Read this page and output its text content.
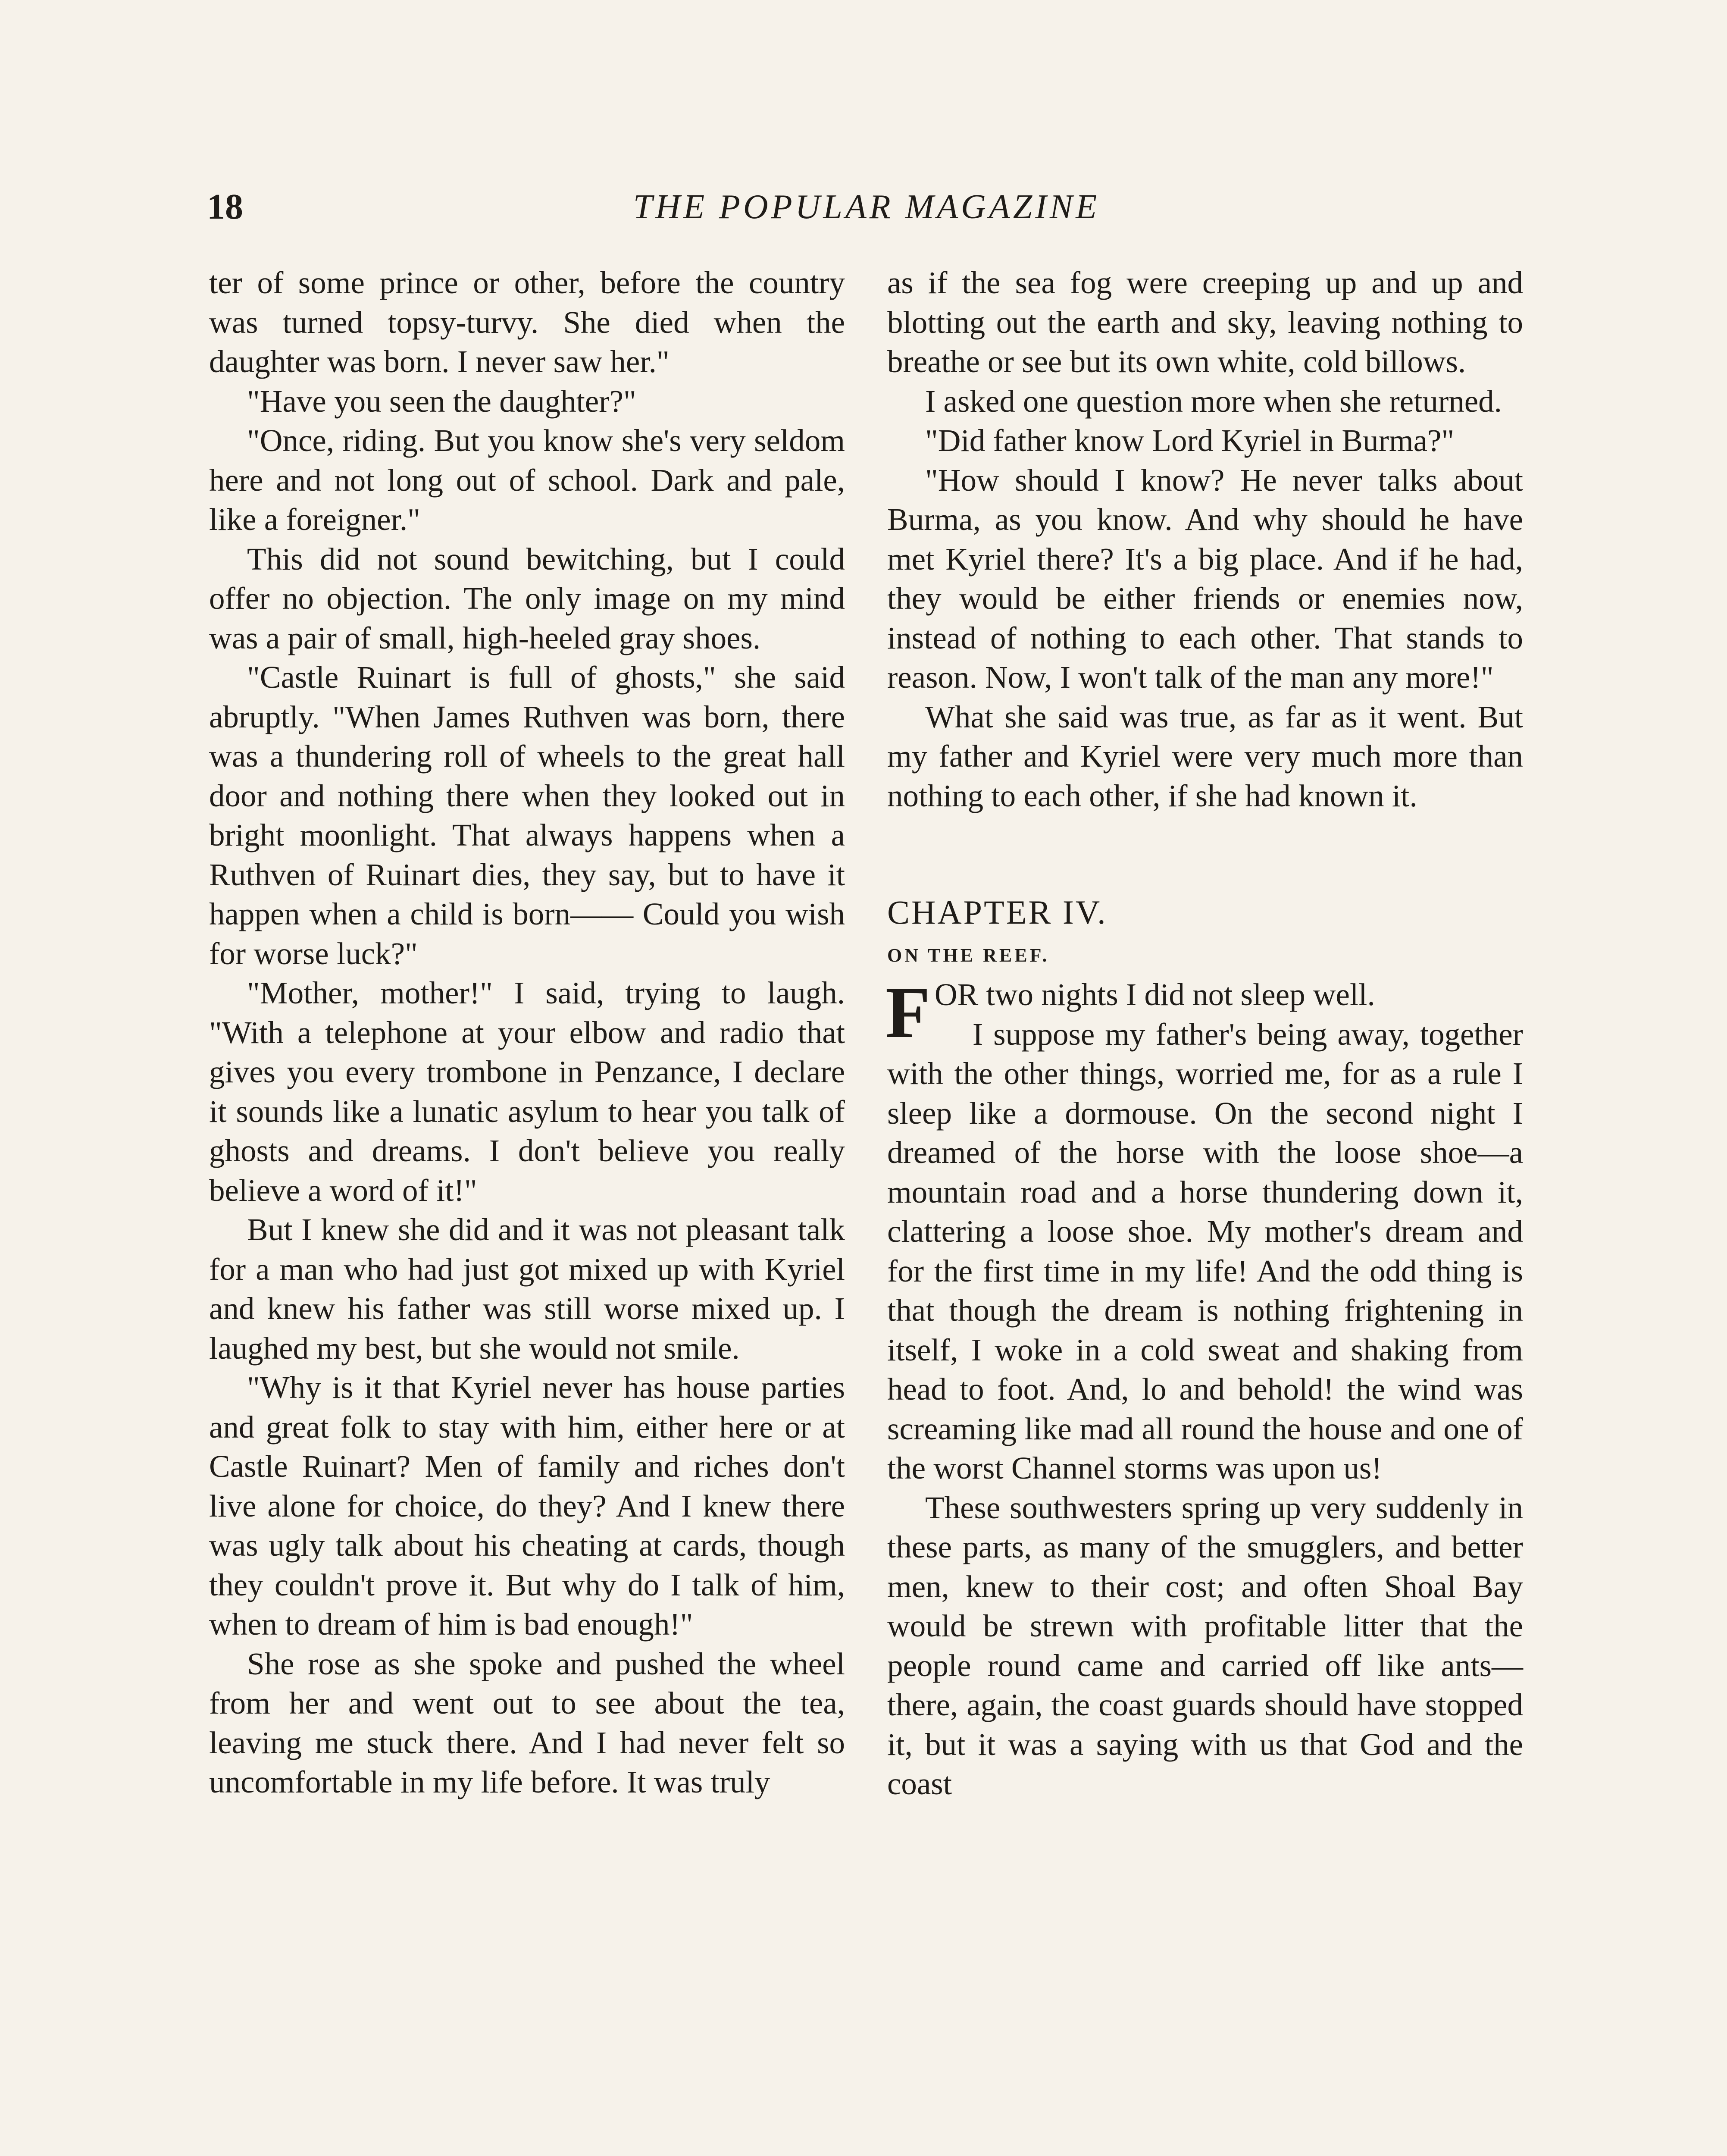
18	THE POPULAR MAGAZINE

ter of some prince or other, before the country was turned topsy-turvy. She died when the daughter was born. I never saw her."

"Have you seen the daughter?"

"Once, riding. But you know she's very seldom here and not long out of school. Dark and pale, like a foreigner."

This did not sound bewitching, but I could offer no objection. The only image on my mind was a pair of small, high-heeled gray shoes.

"Castle Ruinart is full of ghosts," she said abruptly. "When James Ruthven was born, there was a thundering roll of wheels to the great hall door and nothing there when they looked out in bright moonlight. That always happens when a Ruthven of Ruinart dies, they say, but to have it happen when a child is born—— Could you wish for worse luck?"

"Mother, mother!" I said, trying to laugh. "With a telephone at your elbow and radio that gives you every trombone in Penzance, I declare it sounds like a lunatic asylum to hear you talk of ghosts and dreams. I don't believe you really believe a word of it!"

But I knew she did and it was not pleasant talk for a man who had just got mixed up with Kyriel and knew his father was still worse mixed up. I laughed my best, but she would not smile.

"Why is it that Kyriel never has house parties and great folk to stay with him, either here or at Castle Ruinart? Men of family and riches don't live alone for choice, do they? And I knew there was ugly talk about his cheating at cards, though they couldn't prove it. But why do I talk of him, when to dream of him is bad enough!"

She rose as she spoke and pushed the wheel from her and went out to see about the tea, leaving me stuck there. And I had never felt so uncomfortable in my life before. It was truly

as if the sea fog were creeping up and up and blotting out the earth and sky, leaving nothing to breathe or see but its own white, cold billows.

I asked one question more when she returned.

"Did father know Lord Kyriel in Burma?"

"How should I know? He never talks about Burma, as you know. And why should he have met Kyriel there? It's a big place. And if he had, they would be either friends or enemies now, instead of nothing to each other. That stands to reason. Now, I won't talk of the man any more!"

What she said was true, as far as it went. But my father and Kyriel were very much more than nothing to each other, if she had known it.

CHAPTER IV.

ON THE REEF.

FOR two nights I did not sleep well.

I suppose my father's being away, together with the other things, worried me, for as a rule I sleep like a dormouse. On the second night I dreamed of the horse with the loose shoe—a mountain road and a horse thundering down it, clattering a loose shoe. My mother's dream and for the first time in my life! And the odd thing is that though the dream is nothing frightening in itself, I woke in a cold sweat and shaking from head to foot. And, lo and behold! the wind was screaming like mad all round the house and one of the worst Channel storms was upon us!

These southwesters spring up very suddenly in these parts, as many of the smugglers, and better men, knew to their cost; and often Shoal Bay would be strewn with profitable litter that the people round came and carried off like ants—there, again, the coast guards should have stopped it, but it was a saying with us that God and the coast
